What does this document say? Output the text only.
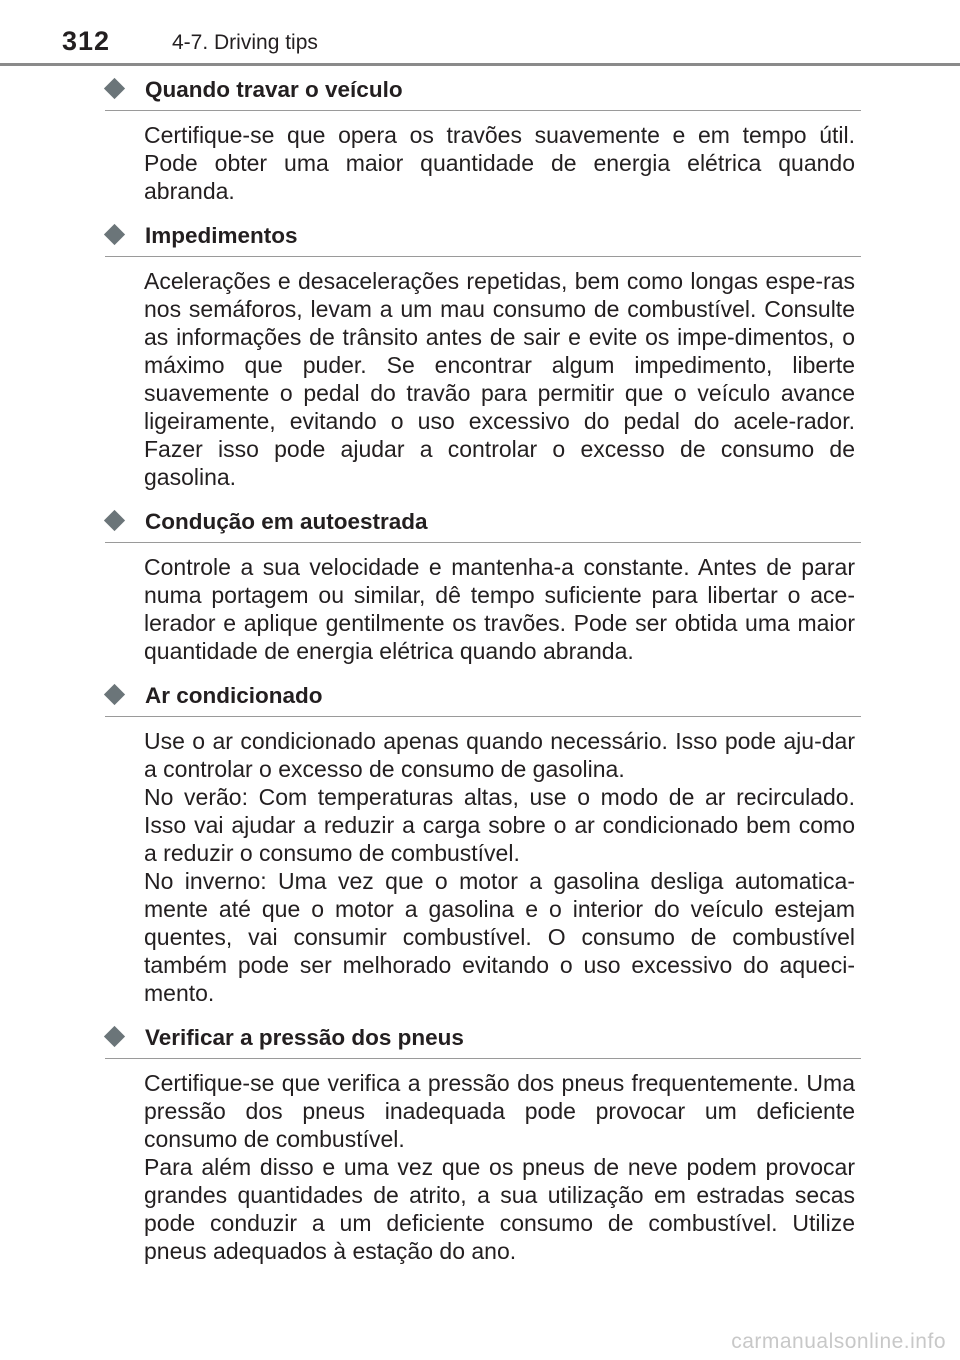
312	4-7. Driving tips
Quando travar o veículo
Certifique-se que opera os travões suavemente e em tempo útil. Pode obter uma maior quantidade de energia elétrica quando abranda.
Impedimentos
Acelerações e desacelerações repetidas, bem como longas espe-ras nos semáforos, levam a um mau consumo de combustível. Consulte as informações de trânsito antes de sair e evite os impe-dimentos, o máximo que puder. Se encontrar algum impedimento, liberte suavemente o pedal do travão para permitir que o veículo avance ligeiramente, evitando o uso excessivo do pedal do acele-rador. Fazer isso pode ajudar a controlar o excesso de consumo de gasolina.
Condução em autoestrada
Controle a sua velocidade e mantenha-a constante. Antes de parar numa portagem ou similar, dê tempo suficiente para libertar o ace-lerador e aplique gentilmente os travões. Pode ser obtida uma maior quantidade de energia elétrica quando abranda.
Ar condicionado
Use o ar condicionado apenas quando necessário. Isso pode aju-dar a controlar o excesso de consumo de gasolina.
No verão: Com temperaturas altas, use o modo de ar recirculado. Isso vai ajudar a reduzir a carga sobre o ar condicionado bem como a reduzir o consumo de combustível.
No inverno: Uma vez que o motor a gasolina desliga automatica-mente até que o motor a gasolina e o interior do veículo estejam quentes, vai consumir combustível. O consumo de combustível também pode ser melhorado evitando o uso excessivo do aqueci-mento.
Verificar a pressão dos pneus
Certifique-se que verifica a pressão dos pneus frequentemente. Uma pressão dos pneus inadequada pode provocar um deficiente consumo de combustível.
Para além disso e uma vez que os pneus de neve podem provocar grandes quantidades de atrito, a sua utilização em estradas secas pode conduzir a um deficiente consumo de combustível. Utilize pneus adequados à estação do ano.
carmanualsonline.info
